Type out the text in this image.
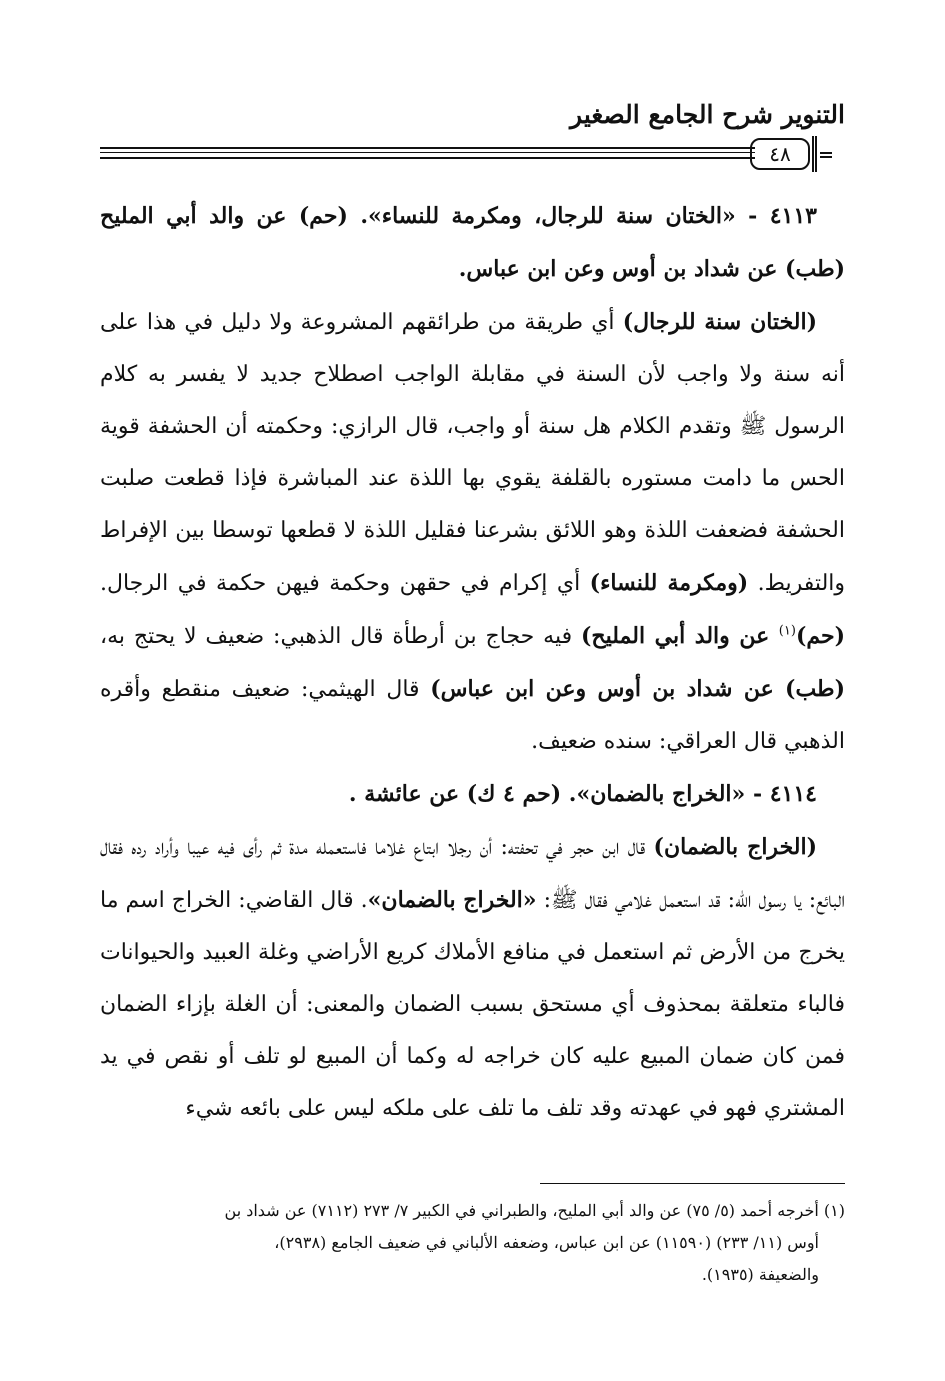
التنوير شرح الجامع الصغير
٤٨

٤١١٣ - «الختان سنة للرجال، ومكرمة للنساء». (حم) عن والد أبي المليح (طب) عن شداد بن أوس وعن ابن عباس.

(الختان سنة للرجال) أي طريقة من طرائقهم المشروعة ولا دليل في هذا على أنه سنة ولا واجب لأن السنة في مقابلة الواجب اصطلاح جديد لا يفسر به كلام الرسول ﷺ وتقدم الكلام هل سنة أو واجب، قال الرازي: وحكمته أن الحشفة قوية الحس ما دامت مستوره بالقلفة يقوي بها اللذة عند المباشرة فإذا قطعت صلبت الحشفة فضعفت اللذة وهو اللائق بشرعنا فقليل اللذة لا قطعها توسطا بين الإفراط والتفريط. (ومكرمة للنساء) أي إكرام في حقهن وحكمة فيهن حكمة في الرجال. (حم)$^{(١)}$ عن والد أبي المليح) فيه حجاج بن أرطأة قال الذهبي: ضعيف لا يحتج به، (طب) عن شداد بن أوس وعن ابن عباس) قال الهيثمي: ضعيف منقطع وأقره الذهبي قال العراقي: سنده ضعيف.

٤١١٤ - «الخراج بالضمان». (حم ٤ ك) عن عائشة .

(الخراج بالضمان) قال ابن حجر في تحفته: أن رجلا ابتاع غلاما فاستعمله مدة ثم رأى فيه عيبا وأراد رده فقال البائع: يا رسول الله: قد استعمل غلامي فقال ﷺ: «الخراج بالضمان». قال القاضي: الخراج اسم ما يخرج من الأرض ثم استعمل في منافع الأملاك كريع الأراضي وغلة العبيد والحيوانات فالباء متعلقة بمحذوف أي مستحق بسبب الضمان والمعنى: أن الغلة بإزاء الضمان فمن كان ضمان المبيع عليه كان خراجه له وكما أن المبيع لو تلف أو نقص في يد المشتري فهو في عهدته وقد تلف ما تلف على ملكه ليس على بائعه شيء

(١) أخرجه أحمد (٥/ ٧٥) عن والد أبي المليح، والطبراني في الكبير ٧/ ٢٧٣ (٧١١٢) عن شداد بن

أوس (١١/ ٢٣٣) (١١٥٩٠) عن ابن عباس، وضعفه الألباني في ضعيف الجامع (٢٩٣٨)،

والضعيفة (١٩٣٥).
